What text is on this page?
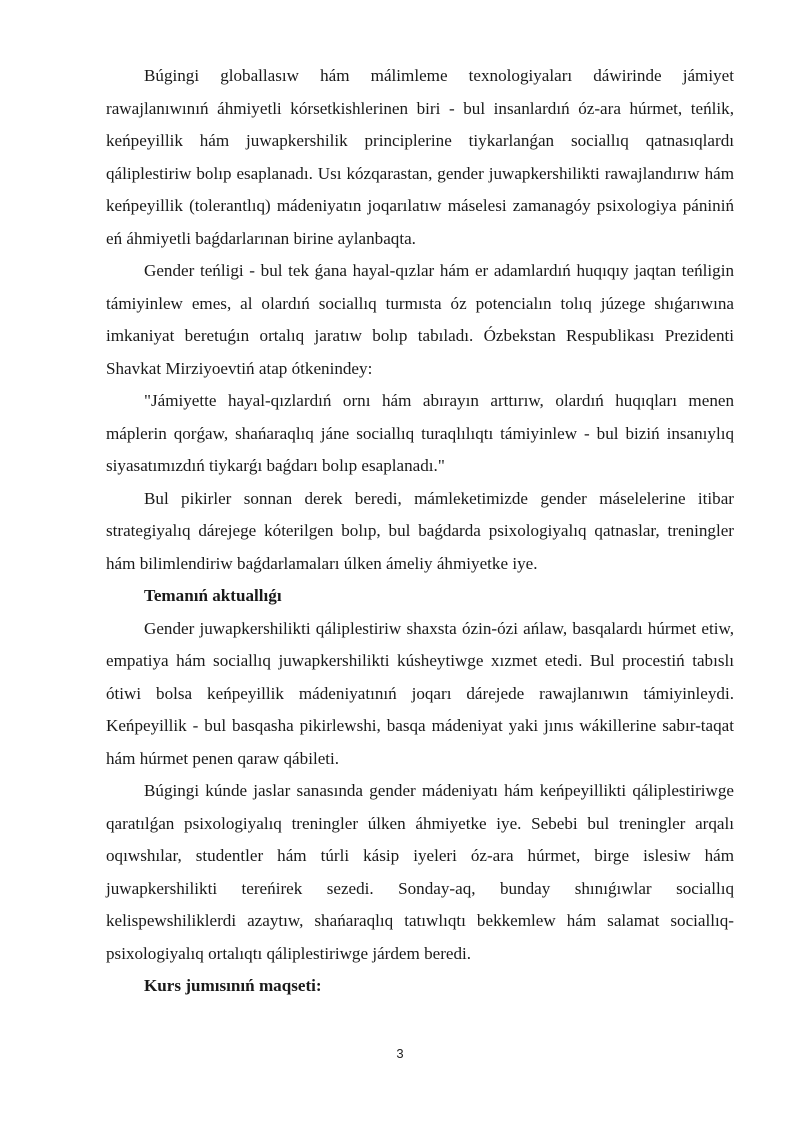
Búgingi globallasıw hám málimleme texnologiyaları dáwirinde jámiyet rawajlanıwınıń áhmiyetli kórsetkishlerinen biri - bul insanlardıń óz-ara húrmet, teńlik, keńpeyillik hám juwapkershilik principlerine tiykarlanǵan sociallıq qatnasıqlardı qáliplestiriw bolıp esaplanadı. Usı kózqarastan, gender juwapkershilikti rawajlandırıw hám keńpeyillik (tolerantlıq) mádeniyatın joqarılatıw máselesi zamanagóy psixologiya pániniń eń áhmiyetli baǵdarlarınan birine aylanbaqta.

Gender teńligi - bul tek ǵana hayal-qızlar hám er adamlardıń huqıqıy jaqtan teńligin támiyinlew emes, al olardıń sociallıq turmısta óz potencialın tolıq júzege shıǵarıwına imkaniyat beretuǵın ortalıq jaratıw bolıp tabıladı. Ózbekstan Respublikası Prezidenti Shavkat Mirziyoevtiń atap ótkenindey:

"Jámiyette hayal-qızlardıń ornı hám abırayın arttırıw, olardıń huqıqları menen máplerin qorǵaw, shańaraqlıq jáne sociallıq turaqlılıqtı támiyinlew - bul biziń insanıylıq siyasatımızdıń tiykarǵı baǵdarı bolıp esaplanadı."

Bul pikirler sonnan derek beredi, mámleketimizde gender máselelerine itibar strategiyalıq dárejege kóterilgen bolıp, bul baǵdarda psixologiyalıq qatnaslar, treningler hám bilimlendiriw baǵdarlamaları úlken ámeliy áhmiyetke iye.

Temanıń aktuallıǵı

Gender juwapkershilikti qáliplestiriw shaxsta ózin-ózi ańlaw, basqalardı húrmet etiw, empatiya hám sociallıq juwapkershilikti kúsheytiwge xızmet etedi. Bul procestiń tabıslı ótiwi bolsa keńpeyillik mádeniyatınıń joqarı dárejede rawajlanıwın támiyinleydi. Keńpeyillik - bul basqasha pikirlewshi, basqa mádeniyat yaki jınıs wákillerine sabır-taqat hám húrmet penen qaraw qábileti.

Búgingi kúnde jaslar sanasında gender mádeniyatı hám keńpeyillikti qáliplestiriwge qaratılǵan psixologiyalıq treningler úlken áhmiyetke iye. Sebebi bul treningler arqalı oqıwshılar, studentler hám túrli kásip iyeleri óz-ara húrmet, birge islesiw hám juwapkershilikti tereńirek sezedi. Sonday-aq, bunday shınıǵıwlar sociallıq kelispewshiliklerdi azaytıw, shańaraqlıq tatıwlıqtı bekkemlew hám salamat sociallıq-psixologiyalıq ortalıqtı qáliplestiriwge járdem beredi.

Kurs jumısınıń maqseti:

3
